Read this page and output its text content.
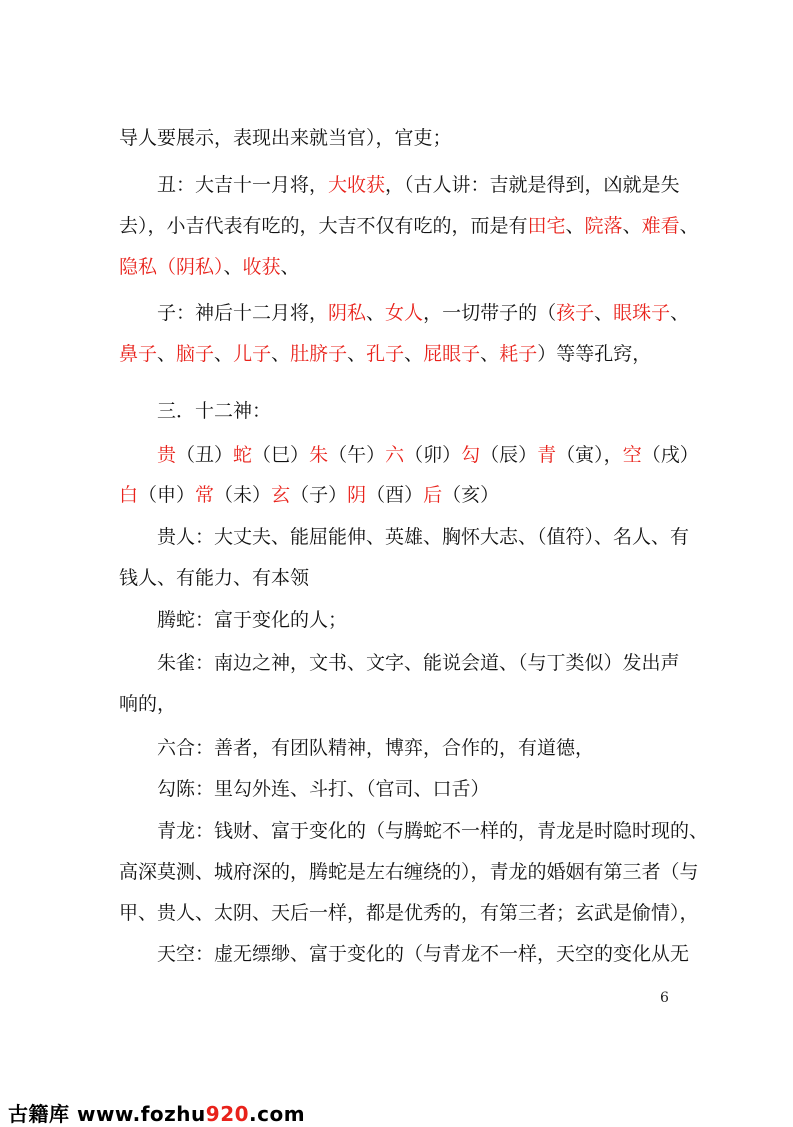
导人要展示，表现出来就当官），官吏；
丑：大吉十一月将，大收获，（古人讲：吉就是得到，凶就是失
去），小吉代表有吃的，大吉不仅有吃的，而是有田宅、院落、难看、
隐私（阴私）、收获、
子：神后十二月将，阴私、女人，一切带子的（孩子、眼珠子、
鼻子、脑子、儿子、肚脐子、孔子、屁眼子、耗子）等等孔窍，
三．十二神：
贵（丑）蛇（巳）朱（午）六（卯）勾（辰）青（寅），空（戌）
白（申）常（未）玄（子）阴（酉）后（亥）
贵人：大丈夫、能屈能伸、英雄、胸怀大志、（值符）、名人、有
钱人、有能力、有本领
腾蛇：富于变化的人；
朱雀：南边之神，文书、文字、能说会道、（与丁类似）发出声
响的，
六合：善者，有团队精神，博弈，合作的，有道德，
勾陈：里勾外连、斗打、（官司、口舌）
青龙：钱财、富于变化的（与腾蛇不一样的，青龙是时隐时现的、
高深莫测、城府深的，腾蛇是左右缠绕的），青龙的婚姻有第三者（与
甲、贵人、太阴、天后一样，都是优秀的，有第三者；玄武是偷情），
天空：虚无缥缈、富于变化的（与青龙不一样，天空的变化从无
6
古籍库 www.fozhu920.com
